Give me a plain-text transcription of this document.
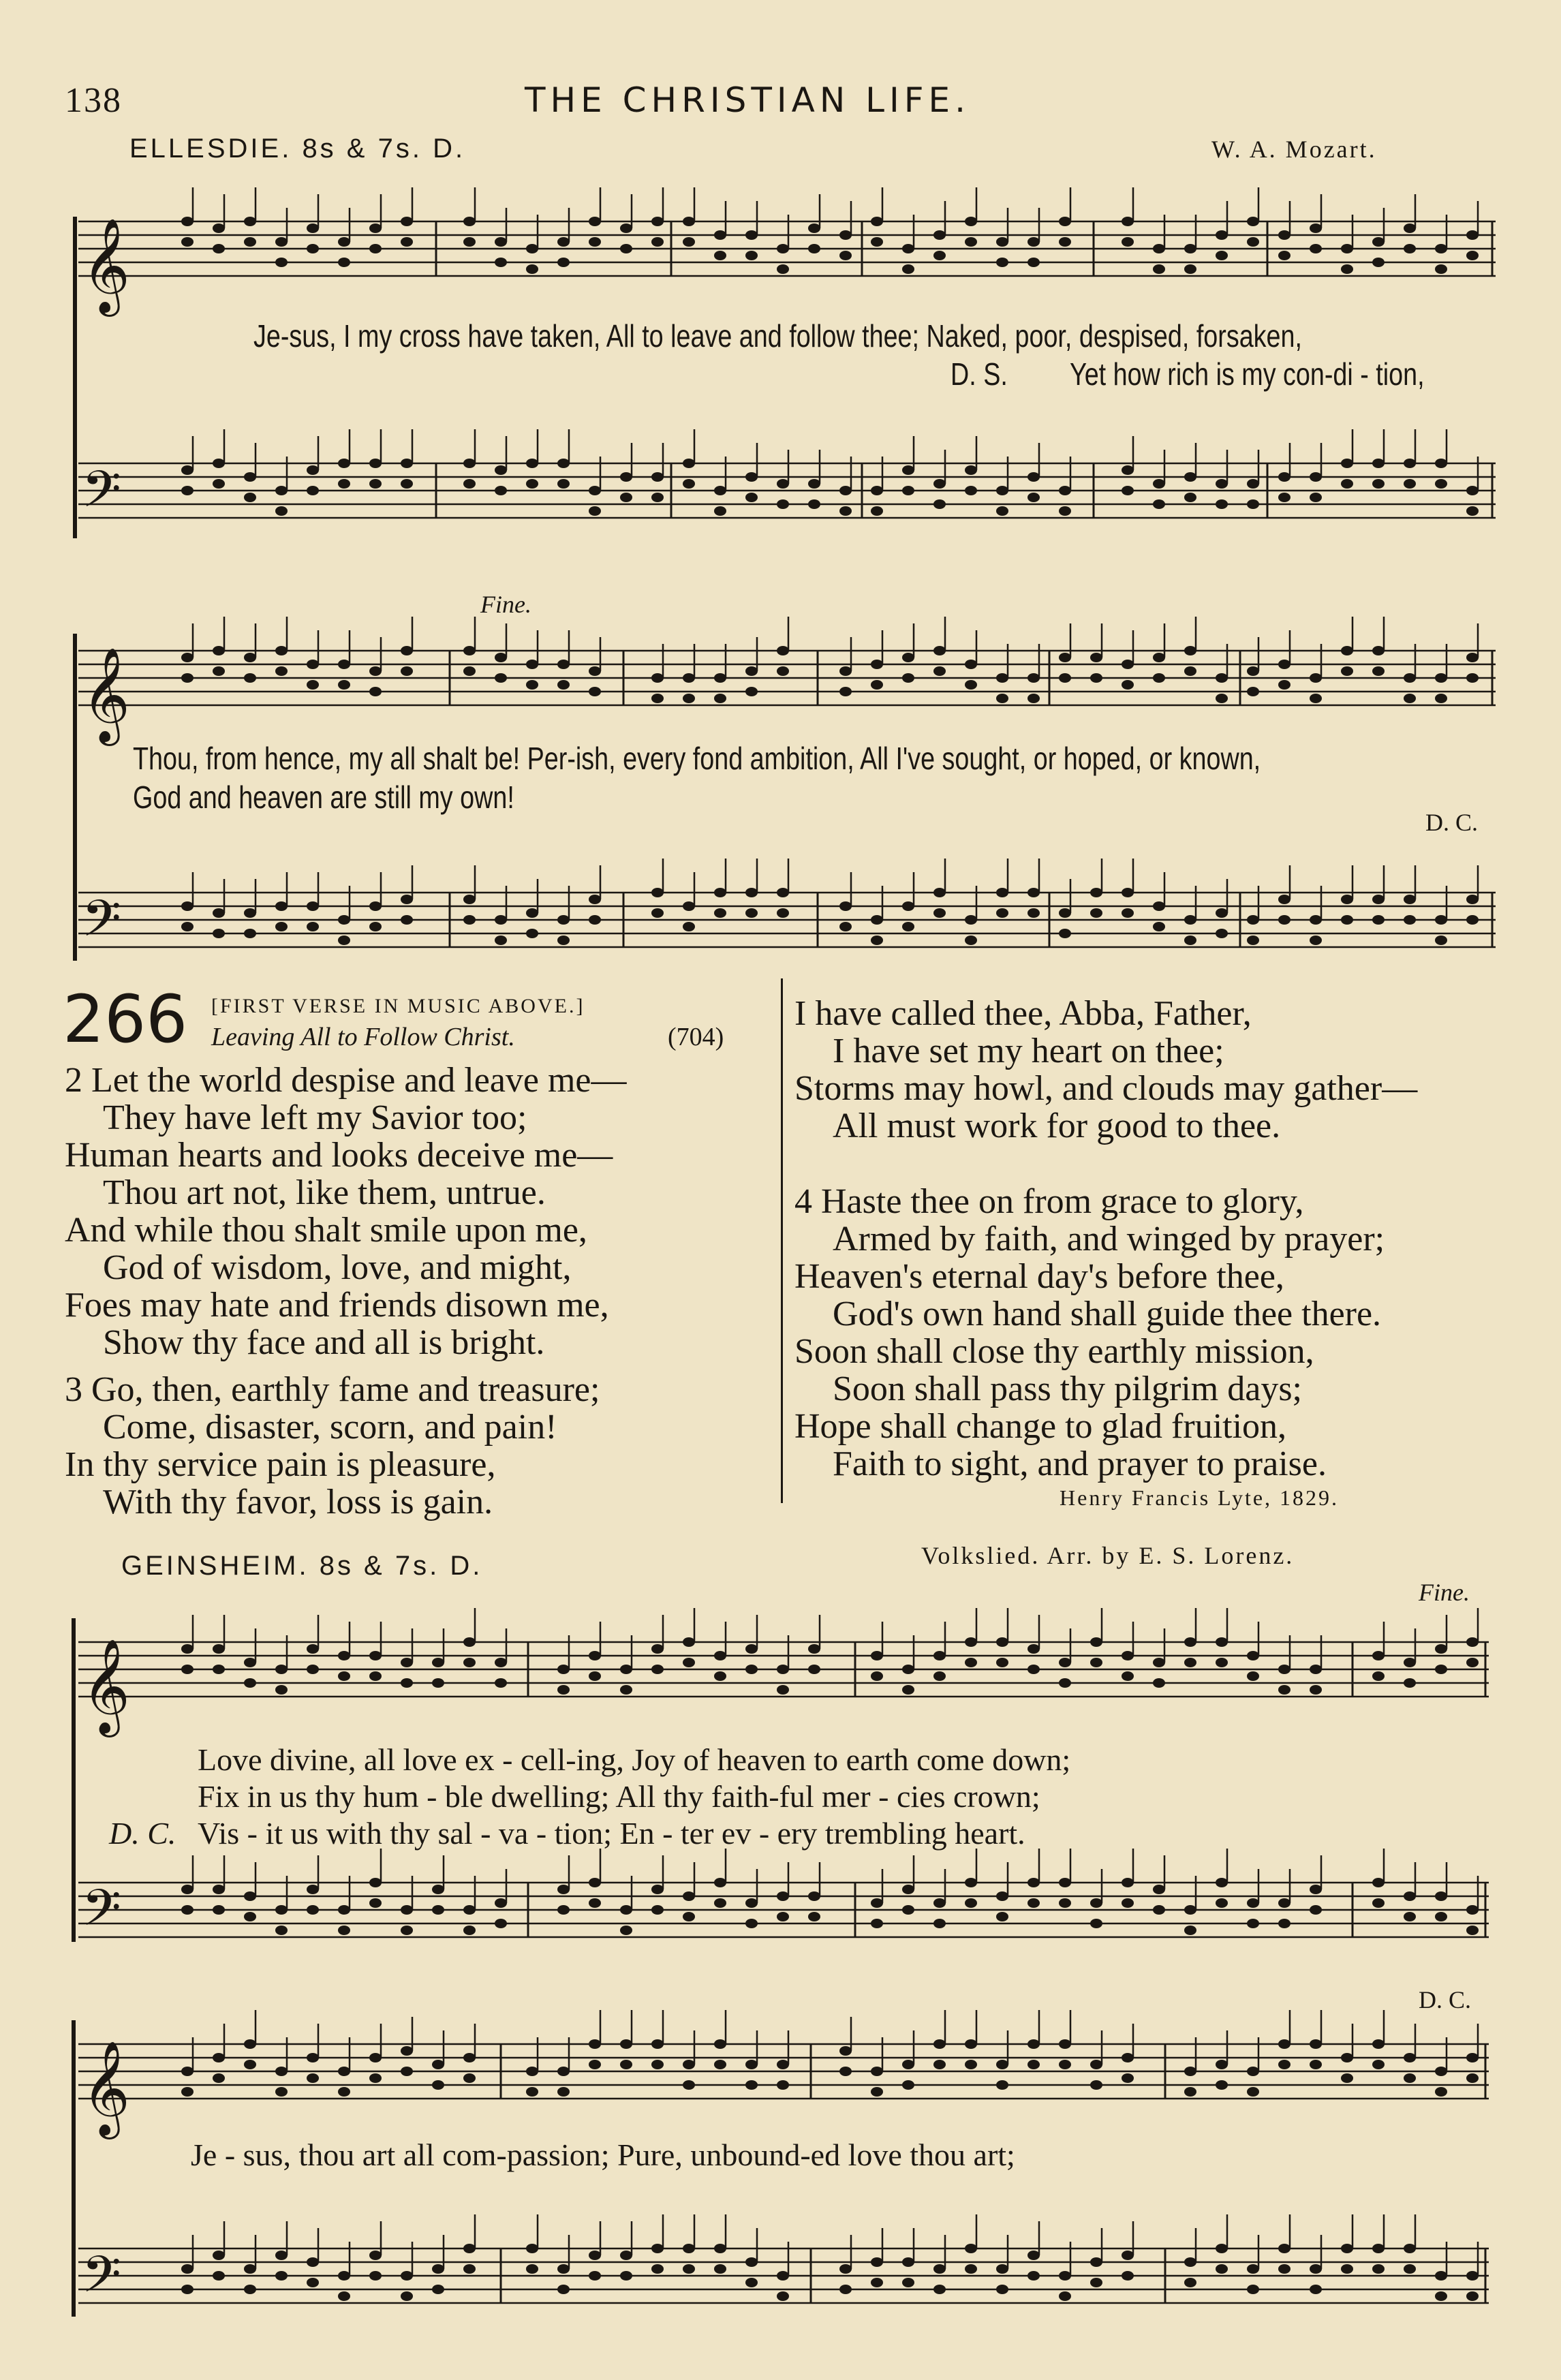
138	THE CHRISTIAN LIFE.
ELLESDIE. 8s & 7s. D.	W. A. Mozart.
𝄞
𝄢
𝄞
𝄢
𝄞
𝄢
𝄞
𝄢
Je-sus, I my cross have taken, All to leave and follow thee; Naked, poor, despised, forsaken,
D. S. Yet how rich is my con-di - tion,
Fine.
Thou, from hence, my all shalt be! Per-ish, every fond ambition, All I've sought, or hoped, or known,
God and heaven are still my own!
D. C.
266 [FIRST VERSE IN MUSIC ABOVE.]
Leaving All to Follow Christ.	(704)
2 Let the world despise and leave me—
They have left my Savior too;
Human hearts and looks deceive me—
Thou art not, like them, untrue.
And while thou shalt smile upon me,
God of wisdom, love, and might,
Foes may hate and friends disown me,
Show thy face and all is bright.
3 Go, then, earthly fame and treasure;
Come, disaster, scorn, and pain!
In thy service pain is pleasure,
With thy favor, loss is gain.
I have called thee, Abba, Father,
I have set my heart on thee;
Storms may howl, and clouds may gather—
All must work for good to thee.
4 Haste thee on from grace to glory,
Armed by faith, and winged by prayer;
Heaven's eternal day's before thee,
God's own hand shall guide thee there.
Soon shall close thy earthly mission,
Soon shall pass thy pilgrim days;
Hope shall change to glad fruition,
Faith to sight, and prayer to praise.
Henry Francis Lyte, 1829.
GEINSHEIM. 8s & 7s. D.	Volkslied. Arr. by E. S. Lorenz.
Fine.
Love divine, all love ex - cell-ing, Joy of heaven to earth come down;
Fix in us thy hum - ble dwelling; All thy faith-ful mer - cies crown;
D. C. Vis - it us with thy sal - va - tion; En - ter ev - ery trembling heart.
D. C.
Je - sus, thou art all com-passion; Pure, unbound-ed love thou art;
